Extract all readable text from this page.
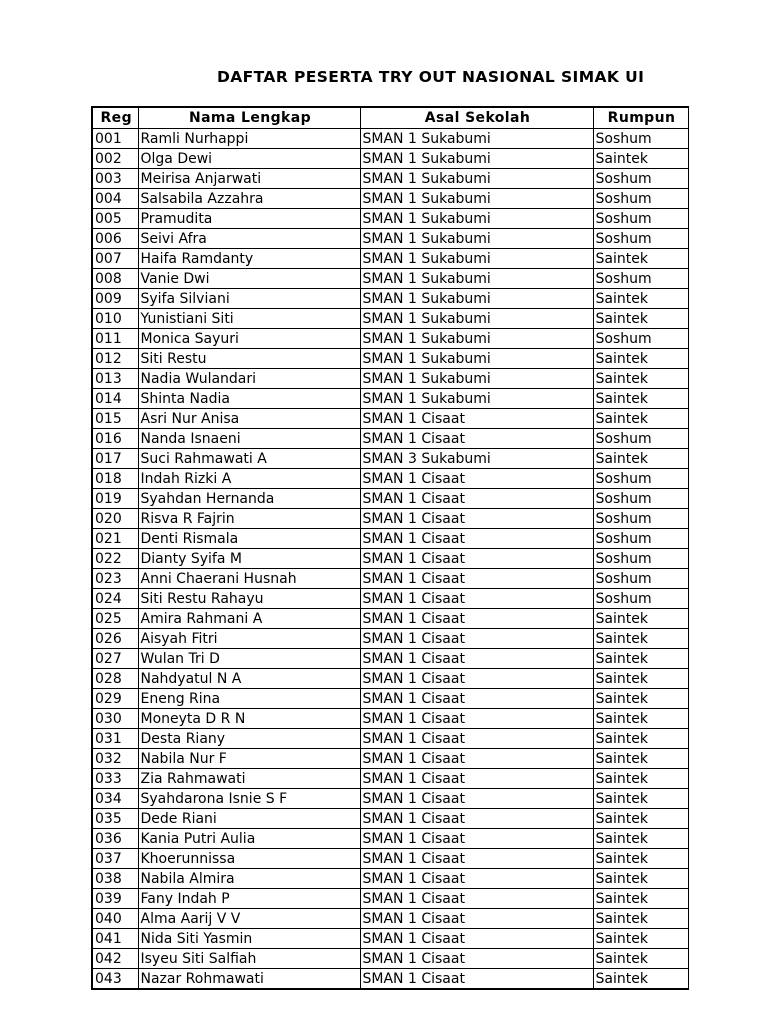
DAFTAR PESERTA TRY OUT NASIONAL SIMAK UI
Reg	Nama Lengkap	Asal Sekolah	Rumpun
001	Ramli Nurhappi	SMAN 1 Sukabumi	Soshum
002	Olga Dewi	SMAN 1 Sukabumi	Saintek
003	Meirisa Anjarwati	SMAN 1 Sukabumi	Soshum
004	Salsabila Azzahra	SMAN 1 Sukabumi	Soshum
005	Pramudita	SMAN 1 Sukabumi	Soshum
006	Seivi Afra	SMAN 1 Sukabumi	Soshum
007	Haifa Ramdanty	SMAN 1 Sukabumi	Saintek
008	Vanie Dwi	SMAN 1 Sukabumi	Soshum
009	Syifa Silviani	SMAN 1 Sukabumi	Saintek
010	Yunistiani Siti	SMAN 1 Sukabumi	Saintek
011	Monica Sayuri	SMAN 1 Sukabumi	Soshum
012	Siti Restu	SMAN 1 Sukabumi	Saintek
013	Nadia Wulandari	SMAN 1 Sukabumi	Saintek
014	Shinta Nadia	SMAN 1 Sukabumi	Saintek
015	Asri Nur Anisa	SMAN 1 Cisaat	Saintek
016	Nanda Isnaeni	SMAN 1 Cisaat	Soshum
017	Suci Rahmawati A	SMAN 3 Sukabumi	Saintek
018	Indah Rizki A	SMAN 1 Cisaat	Soshum
019	Syahdan Hernanda	SMAN 1 Cisaat	Soshum
020	Risva R Fajrin	SMAN 1 Cisaat	Soshum
021	Denti Rismala	SMAN 1 Cisaat	Soshum
022	Dianty Syifa M	SMAN 1 Cisaat	Soshum
023	Anni Chaerani Husnah	SMAN 1 Cisaat	Soshum
024	Siti Restu Rahayu	SMAN 1 Cisaat	Soshum
025	Amira Rahmani A	SMAN 1 Cisaat	Saintek
026	Aisyah Fitri	SMAN 1 Cisaat	Saintek
027	Wulan Tri D	SMAN 1 Cisaat	Saintek
028	Nahdyatul N A	SMAN 1 Cisaat	Saintek
029	Eneng Rina	SMAN 1 Cisaat	Saintek
030	Moneyta D R N	SMAN 1 Cisaat	Saintek
031	Desta Riany	SMAN 1 Cisaat	Saintek
032	Nabila Nur F	SMAN 1 Cisaat	Saintek
033	Zia Rahmawati	SMAN 1 Cisaat	Saintek
034	Syahdarona Isnie S F	SMAN 1 Cisaat	Saintek
035	Dede Riani	SMAN 1 Cisaat	Saintek
036	Kania Putri Aulia	SMAN 1 Cisaat	Saintek
037	Khoerunnissa	SMAN 1 Cisaat	Saintek
038	Nabila Almira	SMAN 1 Cisaat	Saintek
039	Fany Indah P	SMAN 1 Cisaat	Saintek
040	Alma Aarij V V	SMAN 1 Cisaat	Saintek
041	Nida Siti Yasmin	SMAN 1 Cisaat	Saintek
042	Isyeu Siti Salfiah	SMAN 1 Cisaat	Saintek
043	Nazar Rohmawati	SMAN 1 Cisaat	Saintek
